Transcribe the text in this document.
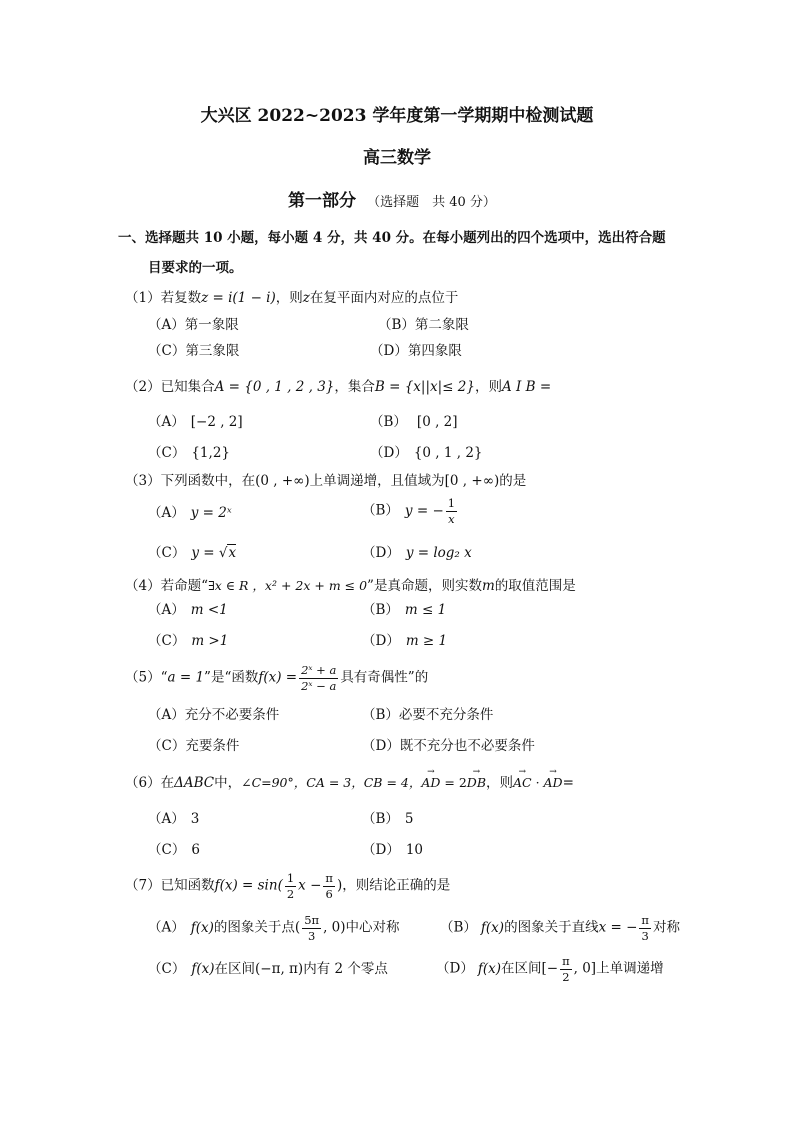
大兴区 2022~2023 学年度第一学期期中检测试题
高三数学
第一部分 （选择题　共 40 分）
一、选择题共 10 小题，每小题 4 分，共 40 分。在每小题列出的四个选项中，选出符合题
目要求的一项。
（1）若复数z = i(1 − i)，则z在复平面内对应的点位于
（A）第一象限	（B）第二象限
（C）第三象限	（D）第四象限
（2）已知集合A = {0 , 1 , 2 , 3}，集合B = {x||x|≤ 2}，则A I B =
（A） [−2 , 2]	（B） [0 , 2]
（C） {1,2}	（D） {0 , 1 , 2}
（3）下列函数中，在(0 , +∞)上单调递增，且值域为[0 , +∞)的是
（A） y = 2ˣ	（B） y = − $\frac{1}{x}$
（C） y = √x	（D） y = log₂ x
（4）若命题“∃x ∈ R ，x² + 2x + m ≤ 0”是真命题，则实数m的取值范围是
（A） m <1	（B） m ≤ 1
（C） m >1	（D） m ≥ 1
（5）“a = 1”是“函数$f(x) = \frac{\text{2ˣ + a}}{\text{2ˣ − a}}$ 具有奇偶性”的
（A）充分不必要条件	（B）必要不充分条件
（C）充要条件	（D）既不充分也不必要条件
（6）在ΔABC中，∠C=90°，CA = 3，CB = 4，→ AD = 2→ DB，则→ AC · → AD=
（A） 3	（B） 5
（C） 6	（D） 10
（7）已知函数$f(x) = \sin( \frac{1}{2}$ $x - \frac{\pi}{6}$ )，则结论正确的是
（A） f(x)的图象关于点( $\frac{5\pi}{3}$ , 0)中心对称	（B） f(x)的图象关于直线x = − $\frac{\pi}{3}$ 对称
（C） f(x)在区间(−π, π)内有 2 个零点	（D） f(x)在区间[− $\frac{\pi}{2}$ , 0]上单调递增
